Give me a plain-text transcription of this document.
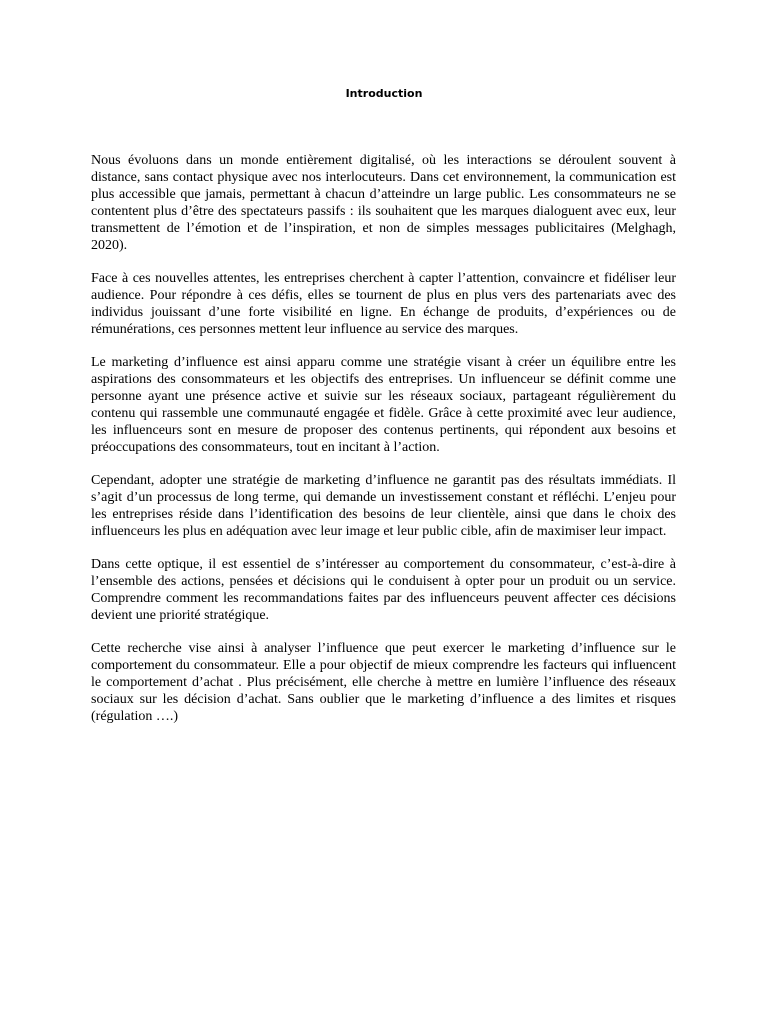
Introduction

Nous évoluons dans un monde entièrement digitalisé, où les interactions se déroulent souvent à distance, sans contact physique avec nos interlocuteurs. Dans cet environnement, la communication est plus accessible que jamais, permettant à chacun d’atteindre un large public. Les consommateurs ne se contentent plus d’être des spectateurs passifs : ils souhaitent que les marques dialoguent avec eux, leur transmettent de l’émotion et de l’inspiration, et non de simples messages publicitaires (Melghagh, 2020).

Face à ces nouvelles attentes, les entreprises cherchent à capter l’attention, convaincre et fidéliser leur audience. Pour répondre à ces défis, elles se tournent de plus en plus vers des partenariats avec des individus jouissant d’une forte visibilité en ligne. En échange de produits, d’expériences ou de rémunérations, ces personnes mettent leur influence au service des marques.

Le marketing d’influence est ainsi apparu comme une stratégie visant à créer un équilibre entre les aspirations des consommateurs et les objectifs des entreprises. Un influenceur se définit comme une personne ayant une présence active et suivie sur les réseaux sociaux, partageant régulièrement du contenu qui rassemble une communauté engagée et fidèle. Grâce à cette proximité avec leur audience, les influenceurs sont en mesure de proposer des contenus pertinents, qui répondent aux besoins et préoccupations des consommateurs, tout en incitant à l’action.

Cependant, adopter une stratégie de marketing d’influence ne garantit pas des résultats immédiats. Il s’agit d’un processus de long terme, qui demande un investissement constant et réfléchi. L’enjeu pour les entreprises réside dans l’identification des besoins de leur clientèle, ainsi que dans le choix des influenceurs les plus en adéquation avec leur image et leur public cible, afin de maximiser leur impact.

Dans cette optique, il est essentiel de s’intéresser au comportement du consommateur, c’est-à-dire à l’ensemble des actions, pensées et décisions qui le conduisent à opter pour un produit ou un service. Comprendre comment les recommandations faites par des influenceurs peuvent affecter ces décisions devient une priorité stratégique.

Cette recherche vise ainsi à analyser l’influence que peut exercer le marketing d’influence sur le comportement du consommateur. Elle a pour objectif de mieux comprendre les facteurs qui influencent le comportement d’achat . Plus précisément, elle cherche à mettre en lumière l’influence des réseaux sociaux sur les décision d’achat. Sans oublier que le marketing d’influence a des limites et risques (régulation ….)
